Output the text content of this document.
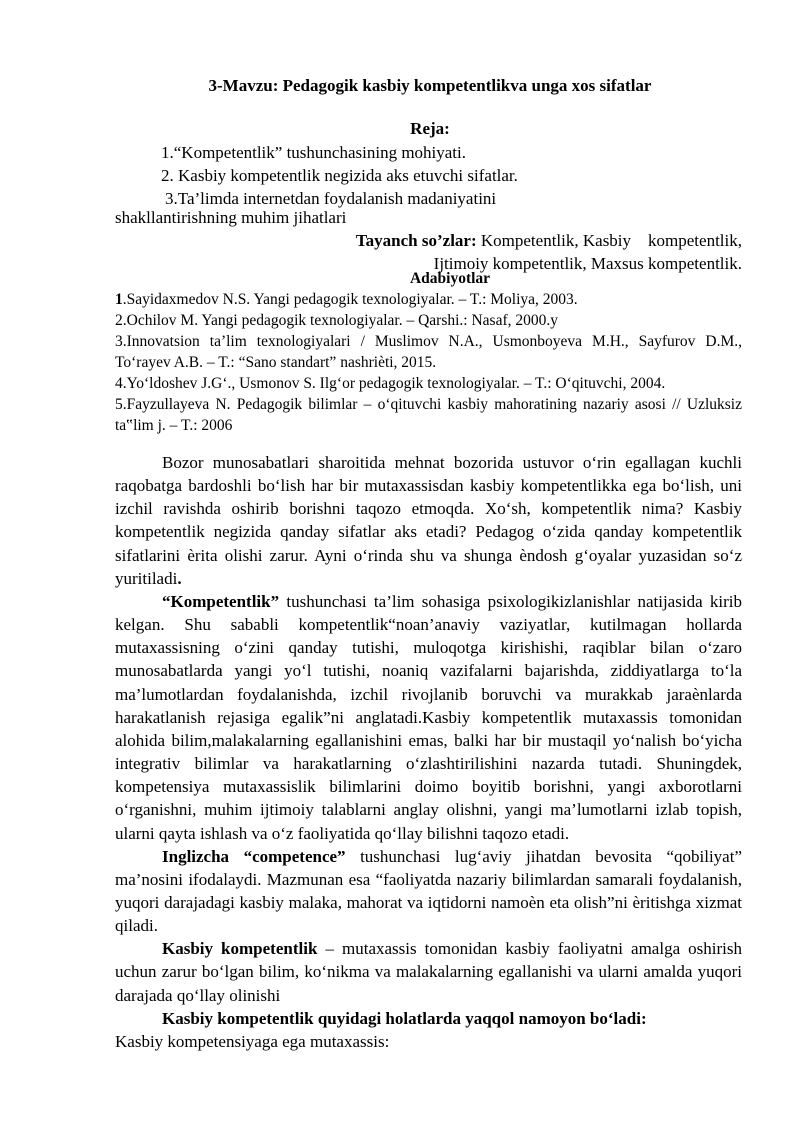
3-Mavzu: Pedagogik kasbiy kompetentlikva unga xos sifatlar
Reja:
1.“Kompetentlik” tushunchasining mohiyati.
2. Kasbiy kompetentlik negizida aks etuvchi sifatlar.
3.Ta’limda internetdan foydalanish madaniyatini
shakllantirishning muhim jihatlari
Tayanch so’zlar: Kompetentlik, Kasbiy    kompetentlik,
Ijtimoiy kompetentlik, Maxsus kompetentlik.
Adabiyotlar

1.Sayidaxmedov N.S. Yangi pedagogik texnologiyalar. – T.: Moliya, 2003.

2.Ochilov M. Yangi pedagogik texnologiyalar. – Qarshi.: Nasaf, 2000.y

3.Innovatsion ta’lim texnologiyalari / Muslimov N.A., Usmonboyeva M.H., Sayfurov D.M., To‘rayev A.B. – T.: “Sano standart” nashrièti, 2015.

4.Yo‘ldoshev J.G‘., Usmonov S. Ilg‘or pedagogik texnologiyalar. – T.: O‘qituvchi, 2004.

5.Fayzullayeva N. Pedagogik bilimlar – o‘qituvchi kasbiy mahoratining nazariy asosi // Uzluksiz ta‟lim j. – T.: 2006

Bozor munosabatlari sharoitida mehnat bozorida ustuvor o‘rin egallagan kuchli raqobatga bardoshli bo‘lish har bir mutaxassisdan kasbiy kompetentlikka ega bo‘lish, uni izchil ravishda oshirib borishni taqozo etmoqda. Xo‘sh, kompetentlik nima? Kasbiy kompetentlik negizida qanday sifatlar aks etadi? Pedagog o‘zida qanday kompetentlik sifatlarini èrita olishi zarur. Ayni o‘rinda shu va shunga èndosh g‘oyalar yuzasidan so‘z yuritiladi.

“Kompetentlik” tushunchasi ta’lim sohasiga psixologikizlanishlar natijasida kirib kelgan. Shu sababli kompetentlik“noan’anaviy vaziyatlar, kutilmagan hollarda mutaxassisning o‘zini qanday tutishi, muloqotga kirishishi, raqiblar bilan o‘zaro munosabatlarda yangi yo‘l tutishi, noaniq vazifalarni bajarishda, ziddiyatlarga to‘la ma’lumotlardan foydalanishda, izchil rivojlanib boruvchi va murakkab jaraènlarda harakatlanish rejasiga egalik”ni anglatadi.Kasbiy kompetentlik mutaxassis tomonidan alohida bilim,malakalarning egallanishini emas, balki har bir mustaqil yo‘nalish bo‘yicha integrativ bilimlar va harakatlarning o‘zlashtirilishini nazarda tutadi. Shuningdek, kompetensiya mutaxassislik bilimlarini doimo boyitib borishni, yangi axborotlarni o‘rganishni, muhim ijtimoiy talablarni anglay olishni, yangi ma’lumotlarni izlab topish, ularni qayta ishlash va o‘z faoliyatida qo‘llay bilishni taqozo etadi.

Inglizcha “competence” tushunchasi lug‘aviy jihatdan bevosita “qobiliyat” ma’nosini ifodalaydi. Mazmunan esa “faoliyatda nazariy bilimlardan samarali foydalanish, yuqori darajadagi kasbiy malaka, mahorat va iqtidorni namoèn eta olish”ni èritishga xizmat qiladi.

Kasbiy kompetentlik – mutaxassis tomonidan kasbiy faoliyatni amalga oshirish uchun zarur bo‘lgan bilim, ko‘nikma va malakalarning egallanishi va ularni amalda yuqori darajada qo‘llay olinishi

Kasbiy kompetentlik quyidagi holatlarda yaqqol namoyon bo‘ladi:

Kasbiy kompetensiyaga ega mutaxassis:
